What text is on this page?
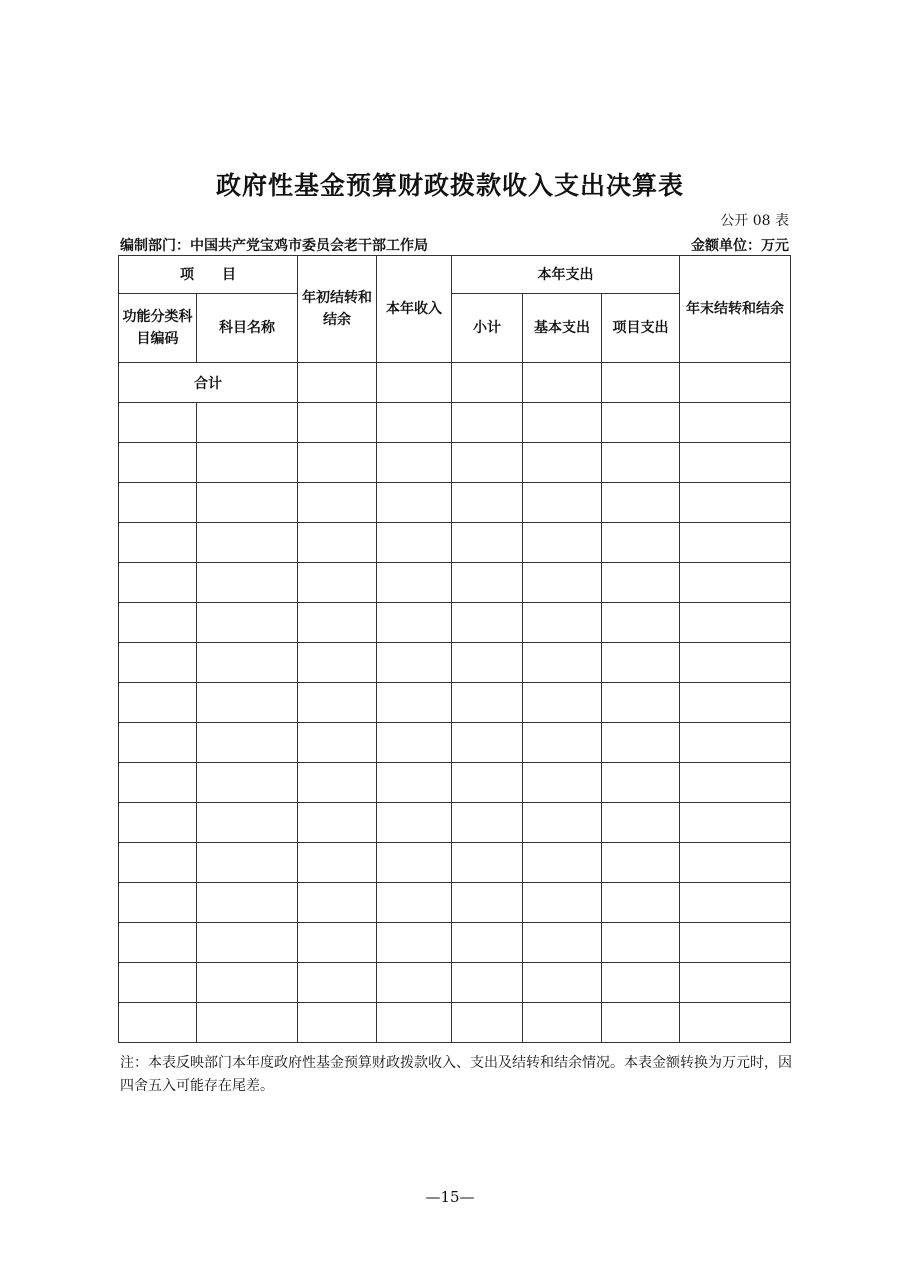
政府性基金预算财政拨款收入支出决算表
公开 08 表
编制部门：中国共产党宝鸡市委员会老干部工作局	金额单位：万元
项　　目		年初结转和结余	本年收入	本年支出			年末结转和结余
功能分类科目编码	科目名称			小计	基本支出	项目支出	
合计							

注：本表反映部门本年度政府性基金预算财政拨款收入、支出及结转和结余情况。本表金额转换为万元时，因四舍五入可能存在尾差。
—15—
